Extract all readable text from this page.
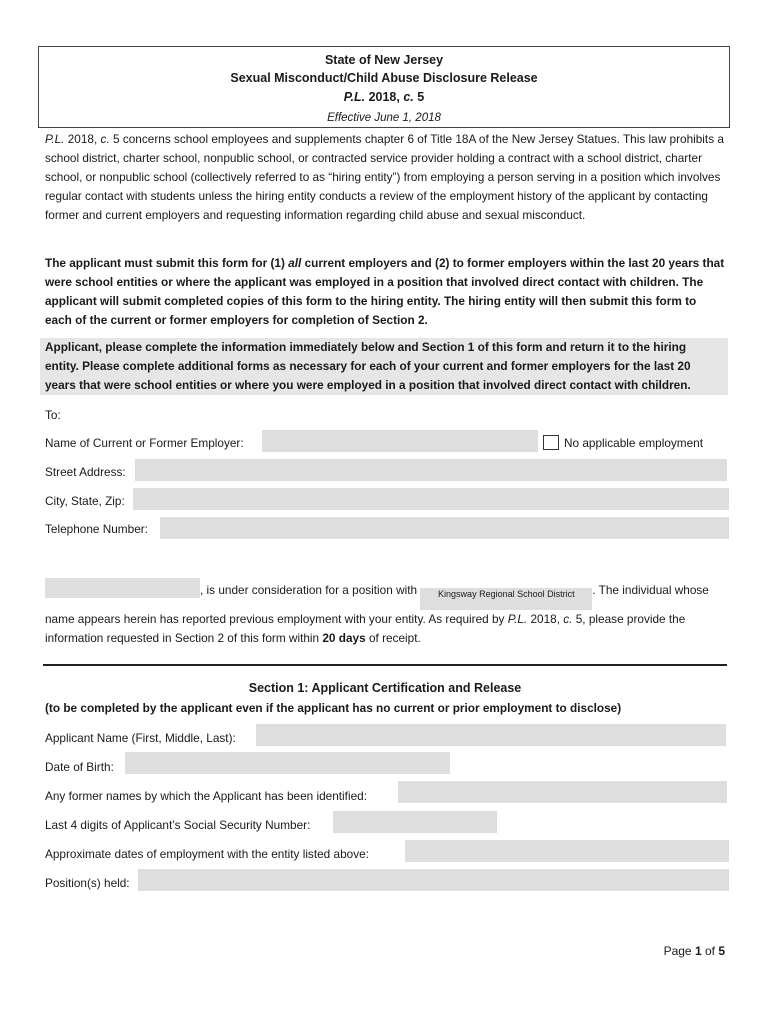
State of New Jersey
Sexual Misconduct/Child Abuse Disclosure Release
P.L. 2018, c. 5
Effective June 1, 2018
P.L. 2018, c. 5 concerns school employees and supplements chapter 6 of Title 18A of the New Jersey Statues. This law prohibits a school district, charter school, nonpublic school, or contracted service provider holding a contract with a school district, charter school, or nonpublic school (collectively referred to as “hiring entity”) from employing a person serving in a position which involves regular contact with students unless the hiring entity conducts a review of the employment history of the applicant by contacting former and current employers and requesting information regarding child abuse and sexual misconduct.
The applicant must submit this form for (1) all current employers and (2) to former employers within the last 20 years that were school entities or where the applicant was employed in a position that involved direct contact with children. The applicant will submit completed copies of this form to the hiring entity. The hiring entity will then submit this form to each of the current or former employers for completion of Section 2.
Applicant, please complete the information immediately below and Section 1 of this form and return it to the hiring entity. Please complete additional forms as necessary for each of your current and former employers for the last 20 years that were school entities or where you were employed in a position that involved direct contact with children.
To:
Name of Current or Former Employer:	No applicable employment
Street Address:
City, State, Zip:
Telephone Number:
, is under consideration for a position with Kingsway Regional School District . The individual whose name appears herein has reported previous employment with your entity. As required by P.L. 2018, c. 5, please provide the information requested in Section 2 of this form within 20 days of receipt.
Section 1: Applicant Certification and Release
(to be completed by the applicant even if the applicant has no current or prior employment to disclose)
Applicant Name (First, Middle, Last):
Date of Birth:
Any former names by which the Applicant has been identified:
Last 4 digits of Applicant’s Social Security Number:
Approximate dates of employment with the entity listed above:
Position(s) held:
Page 1 of 5
